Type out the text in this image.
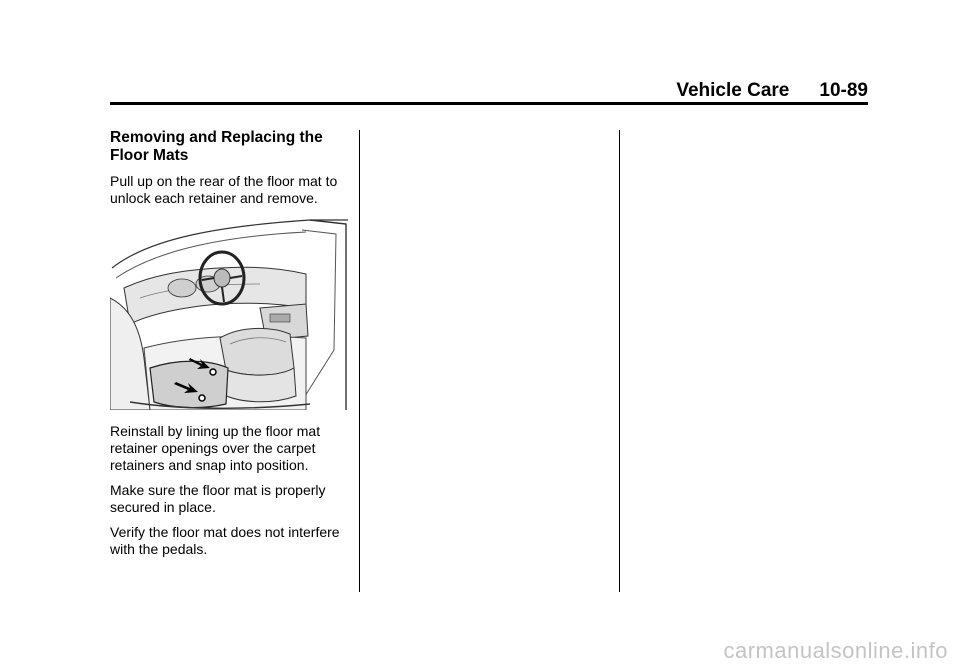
Vehicle Care 10-89
Removing and Replacing the
Floor Mats

Pull up on the rear of the floor mat to unlock each retainer and remove.

Reinstall by lining up the floor mat retainer openings over the carpet retainers and snap into position.

Make sure the floor mat is properly secured in place.

Verify the floor mat does not interfere with the pedals.

carmanualsonline.info
